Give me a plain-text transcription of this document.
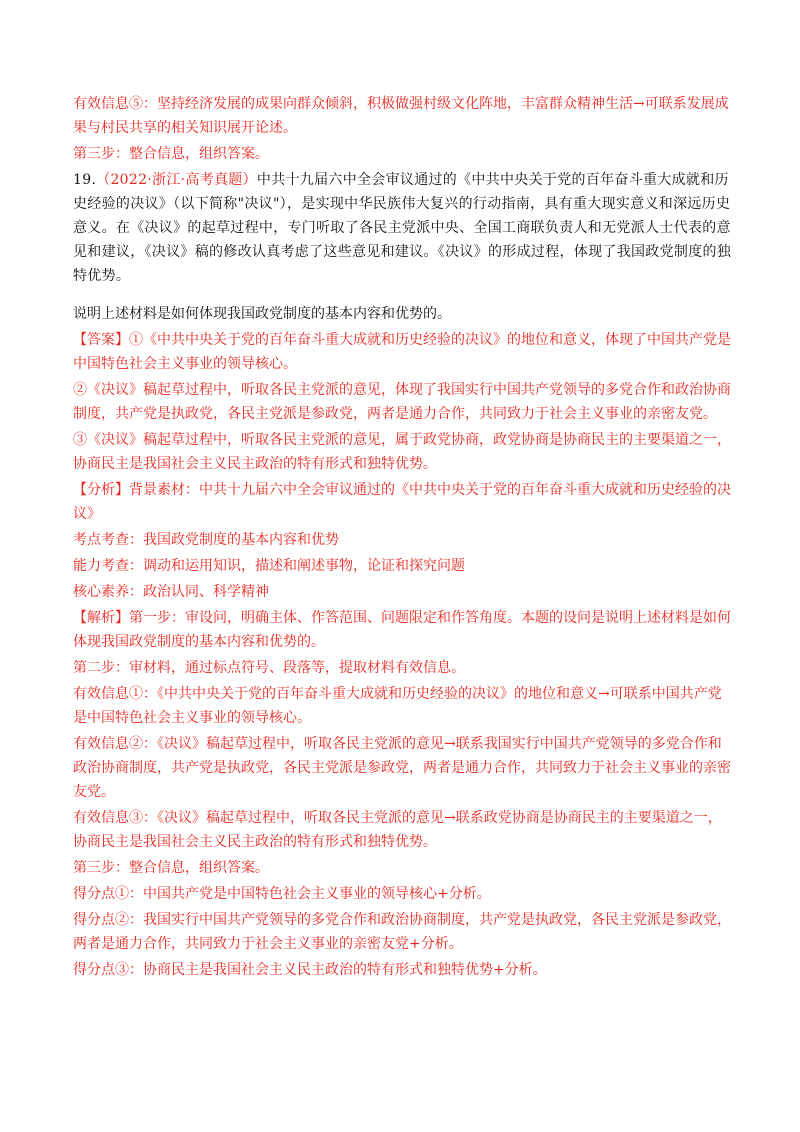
有效信息⑤：坚持经济发展的成果向群众倾斜，积极做强村级文化阵地，丰富群众精神生活→可联系发展成果与村民共享的相关知识展开论述。

第三步：整合信息，组织答案。

19.（2022·浙江·高考真题）中共十九届六中全会审议通过的《中共中央关于党的百年奋斗重大成就和历史经验的决议》（以下简称"决议"），是实现中华民族伟大复兴的行动指南，具有重大现实意义和深远历史意义。在《决议》的起草过程中，专门听取了各民主党派中央、全国工商联负责人和无党派人士代表的意见和建议，《决议》稿的修改认真考虑了这些意见和建议。《决议》的形成过程，体现了我国政党制度的独特优势。

说明上述材料是如何体现我国政党制度的基本内容和优势的。

【答案】①《中共中央关于党的百年奋斗重大成就和历史经验的决议》的地位和意义，体现了中国共产党是中国特色社会主义事业的领导核心。

②《决议》稿起草过程中，听取各民主党派的意见，体现了我国实行中国共产党领导的多党合作和政治协商制度，共产党是执政党，各民主党派是参政党，两者是通力合作，共同致力于社会主义事业的亲密友党。

③《决议》稿起草过程中，听取各民主党派的意见，属于政党协商，政党协商是协商民主的主要渠道之一，协商民主是我国社会主义民主政治的特有形式和独特优势。

【分析】背景素材：中共十九届六中全会审议通过的《中共中央关于党的百年奋斗重大成就和历史经验的决议》

考点考查：我国政党制度的基本内容和优势

能力考查：调动和运用知识，描述和阐述事物，论证和探究问题

核心素养：政治认同、科学精神

【解析】第一步：审设问，明确主体、作答范围、问题限定和作答角度。本题的设问是说明上述材料是如何体现我国政党制度的基本内容和优势的。

第二步：审材料，通过标点符号、段落等，提取材料有效信息。

有效信息①：《中共中央关于党的百年奋斗重大成就和历史经验的决议》的地位和意义→可联系中国共产党是中国特色社会主义事业的领导核心。

有效信息②：《决议》稿起草过程中，听取各民主党派的意见→联系我国实行中国共产党领导的多党合作和政治协商制度，共产党是执政党，各民主党派是参政党，两者是通力合作，共同致力于社会主义事业的亲密友党。

有效信息③：《决议》稿起草过程中，听取各民主党派的意见→联系政党协商是协商民主的主要渠道之一，协商民主是我国社会主义民主政治的特有形式和独特优势。

第三步：整合信息，组织答案。

得分点①：中国共产党是中国特色社会主义事业的领导核心+分析。

得分点②：我国实行中国共产党领导的多党合作和政治协商制度，共产党是执政党，各民主党派是参政党，两者是通力合作，共同致力于社会主义事业的亲密友党+分析。

得分点③：协商民主是我国社会主义民主政治的特有形式和独特优势+分析。
